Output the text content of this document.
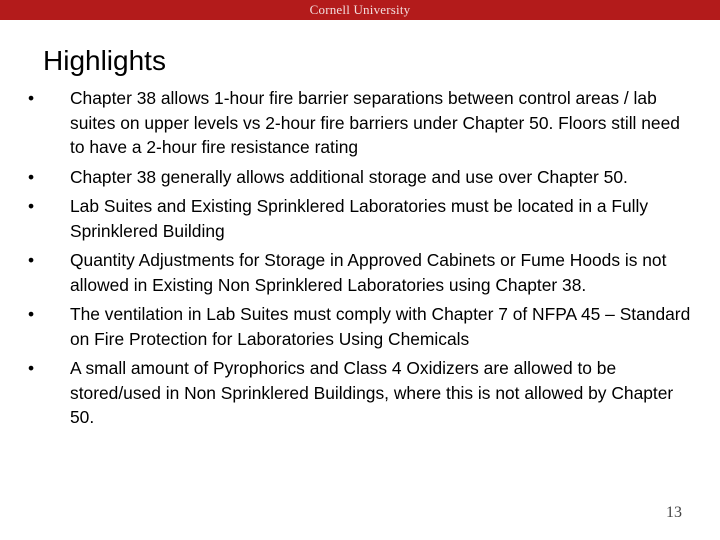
Cornell University
Highlights
• Chapter 38 allows 1-hour fire barrier separations between control areas / lab suites on upper levels vs 2-hour fire barriers under Chapter 50. Floors still need to have a 2-hour fire resistance rating
• Chapter 38 generally allows additional storage and use over Chapter 50.
• Lab Suites and Existing Sprinklered Laboratories must be located in a Fully Sprinklered Building
• Quantity Adjustments for Storage in Approved Cabinets or Fume Hoods is not allowed in Existing Non Sprinklered Laboratories using Chapter 38.
• The ventilation in Lab Suites must comply with Chapter 7 of NFPA 45 – Standard on Fire Protection for Laboratories Using Chemicals
• A small amount of Pyrophorics and Class 4 Oxidizers are allowed to be stored/used in Non Sprinklered Buildings, where this is not allowed by Chapter 50.
13
